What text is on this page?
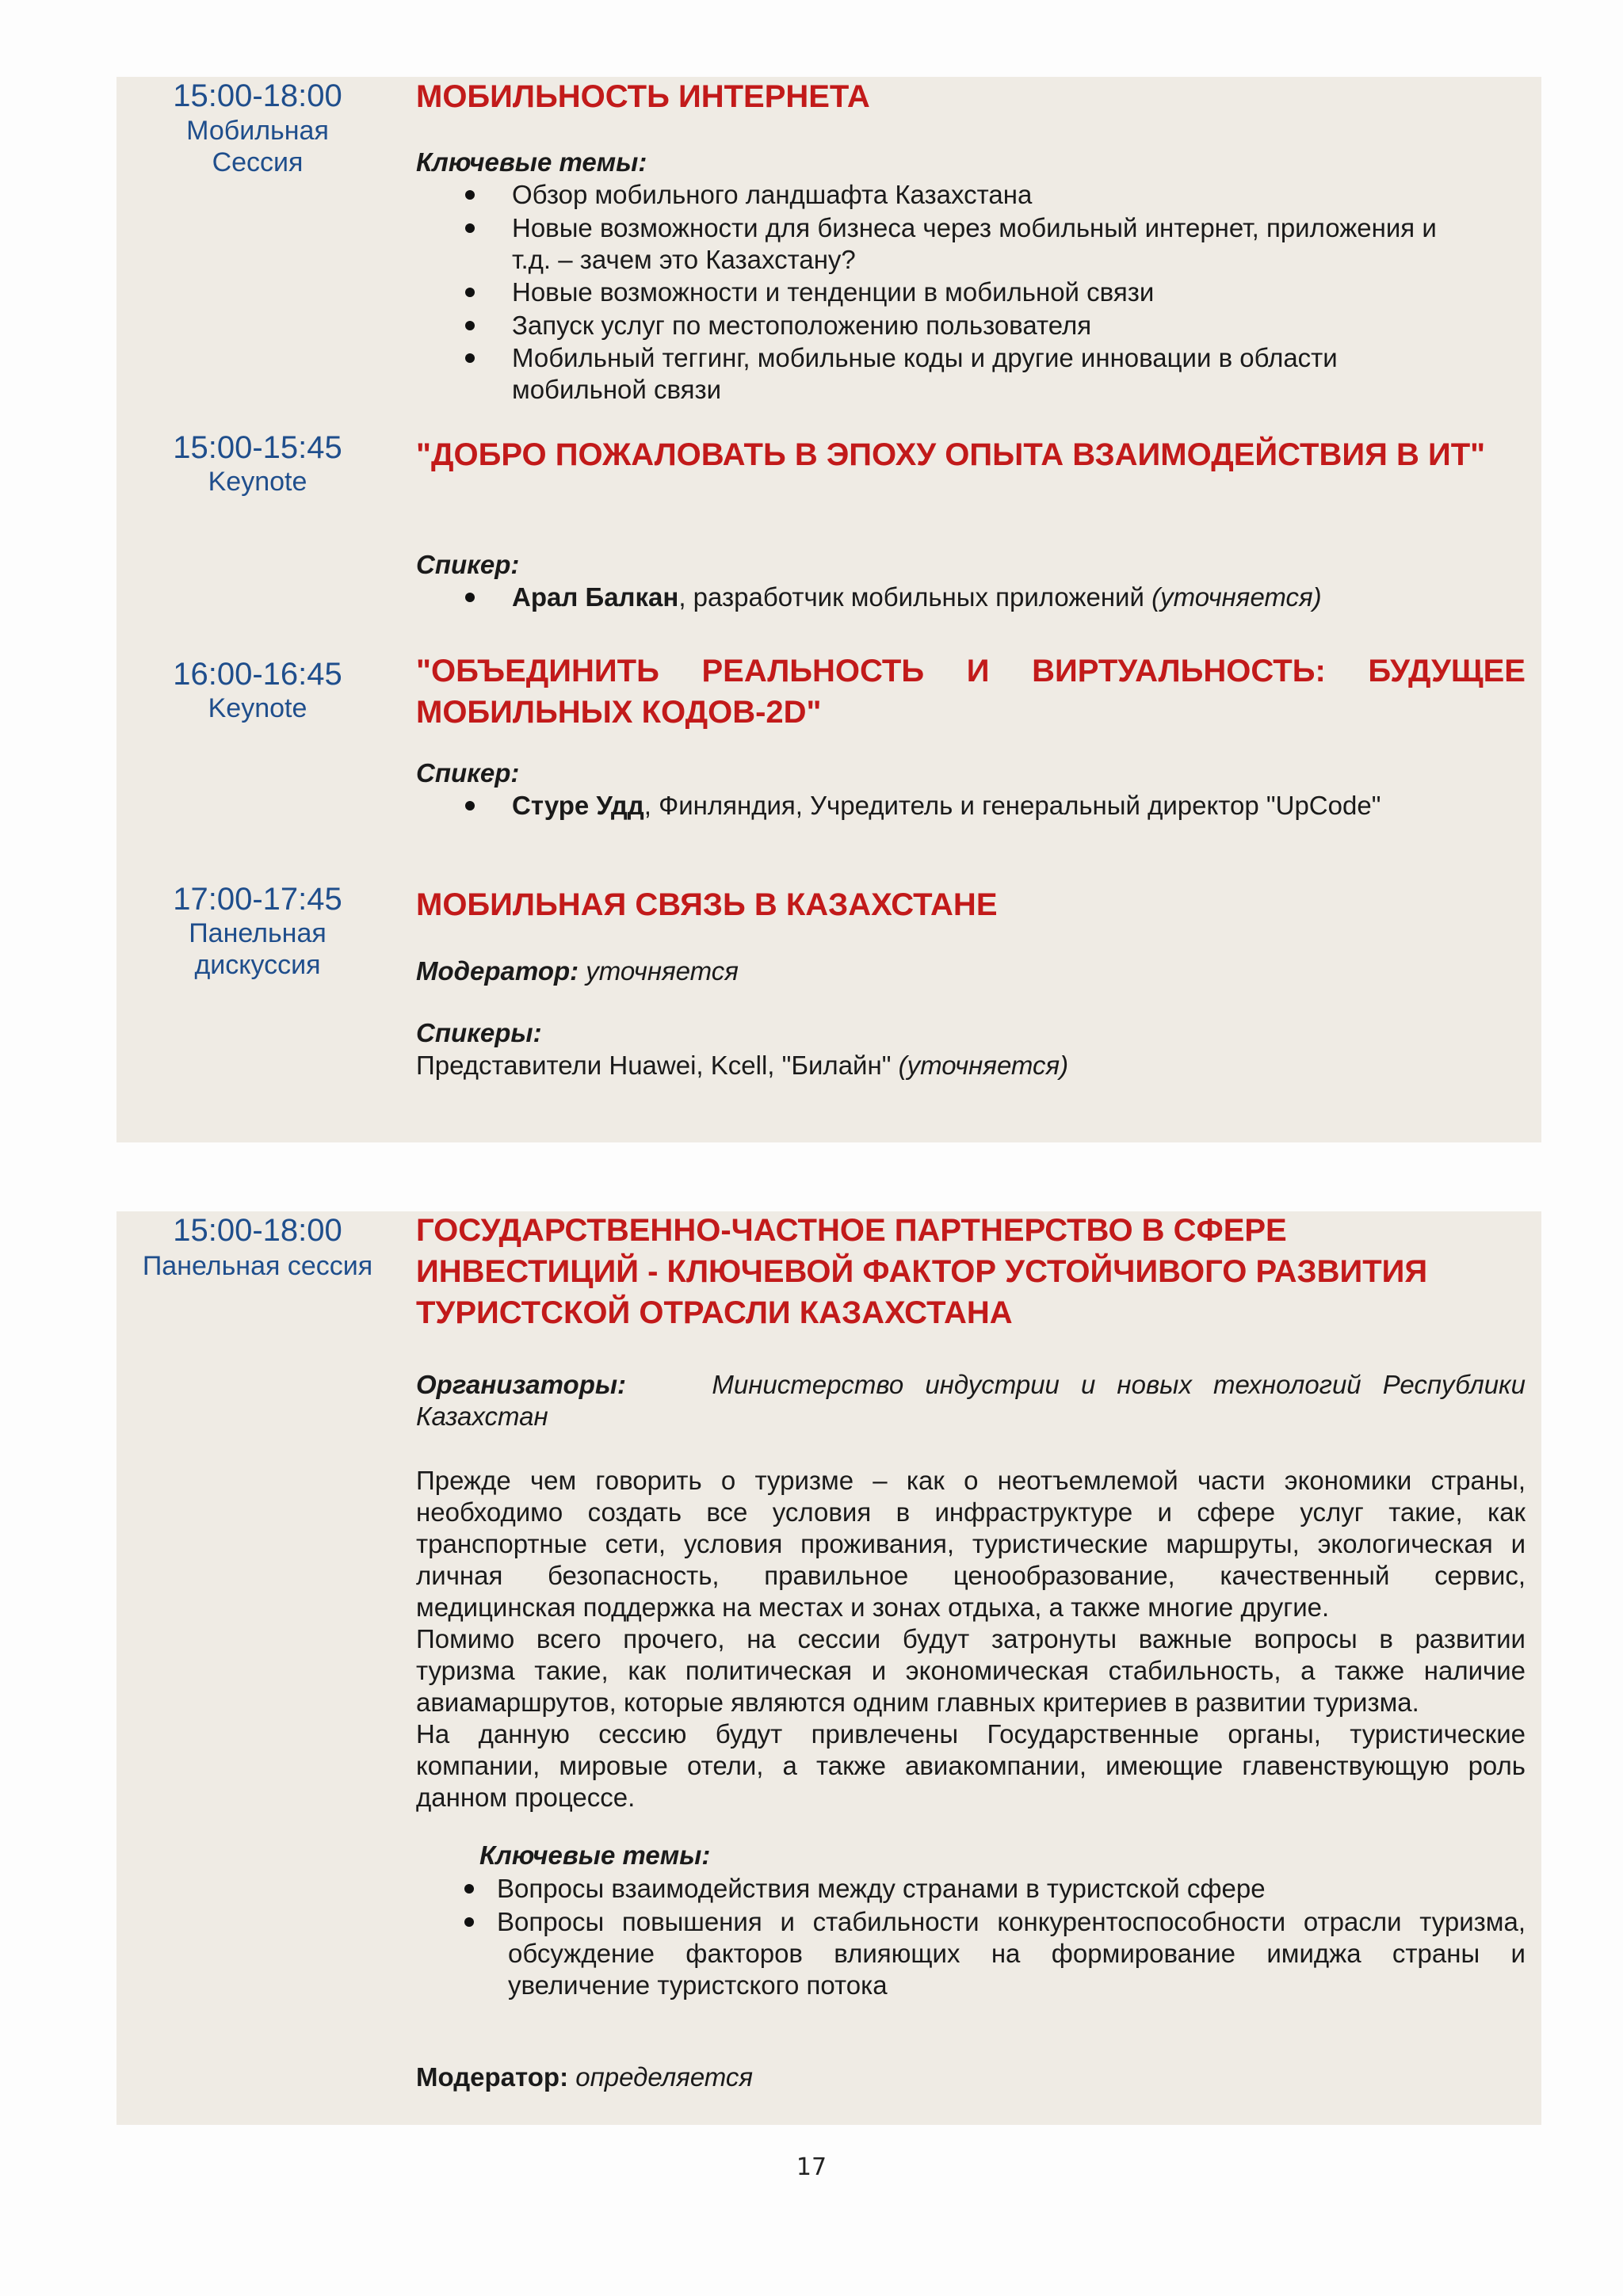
15:00-18:00
Мобильная
Сессия
МОБИЛЬНОСТЬ ИНТЕРНЕТА
Ключевые темы:
Обзор мобильного ландшафта Казахстана
Новые возможности для бизнеса через мобильный интернет, приложения и
т.д. – зачем это Казахстану?
Новые возможности и тенденции в мобильной связи
Запуск услуг по местоположению пользователя
Мобильный теггинг, мобильные коды и другие инновации в области
мобильной связи
15:00-15:45
Keynote
"ДОБРО ПОЖАЛОВАТЬ В ЭПОХУ ОПЫТА ВЗАИМОДЕЙСТВИЯ В ИТ"
Спикер:
Арал Балкан, разработчик мобильных приложений (уточняется)
16:00-16:45
Keynote
"ОБЪЕДИНИТЬ РЕАЛЬНОСТЬ И ВИРТУАЛЬНОСТЬ: БУДУЩЕЕ МОБИЛЬНЫХ КОДОВ-2D"
Спикер:
Стуре Удд, Финляндия, Учредитель и генеральный директор "UpCode"
17:00-17:45
Панельная
дискуссия
МОБИЛЬНАЯ СВЯЗЬ В КАЗАХСТАНЕ
Модератор: уточняется
Спикеры:
Представители Huawei, Kcell, "Билайн" (уточняется)
15:00-18:00
Панельная сессия
ГОСУДАРСТВЕННО-ЧАСТНОЕ ПАРТНЕРСТВО В СФЕРЕ
ИНВЕСТИЦИЙ - КЛЮЧЕВОЙ ФАКТОР УСТОЙЧИВОГО РАЗВИТИЯ
ТУРИСТСКОЙ ОТРАСЛИ КАЗАХСТАНА
Организаторы:	Министерство индустрии и новых технологий Республики
Казахстан
Прежде чем говорить о туризме – как о неотъемлемой части экономики страны,
необходимо создать все условия в инфраструктуре и сфере услуг такие, как
транспортные сети, условия проживания, туристические маршруты, экологическая и
личная безопасность, правильное ценообразование, качественный сервис,
медицинская поддержка на местах и зонах отдыха, а также многие другие.
Помимо всего прочего, на сессии будут затронуты важные вопросы в развитии
туризма такие, как политическая и экономическая стабильность, а также наличие
авиамаршрутов, которые являются одним главных критериев в развитии туризма.
На данную сессию будут привлечены Государственные органы, туристические
компании, мировые отели, а также авиакомпании, имеющие главенствующую роль
данном процессе.
Ключевые темы:
Вопросы взаимодействия между странами в туристской сфере
Вопросы повышения и стабильности конкурентоспособности отрасли туризма,
обсуждение факторов влияющих на формирование имиджа страны и
увеличение туристского потока
Модератор: определяется
17
